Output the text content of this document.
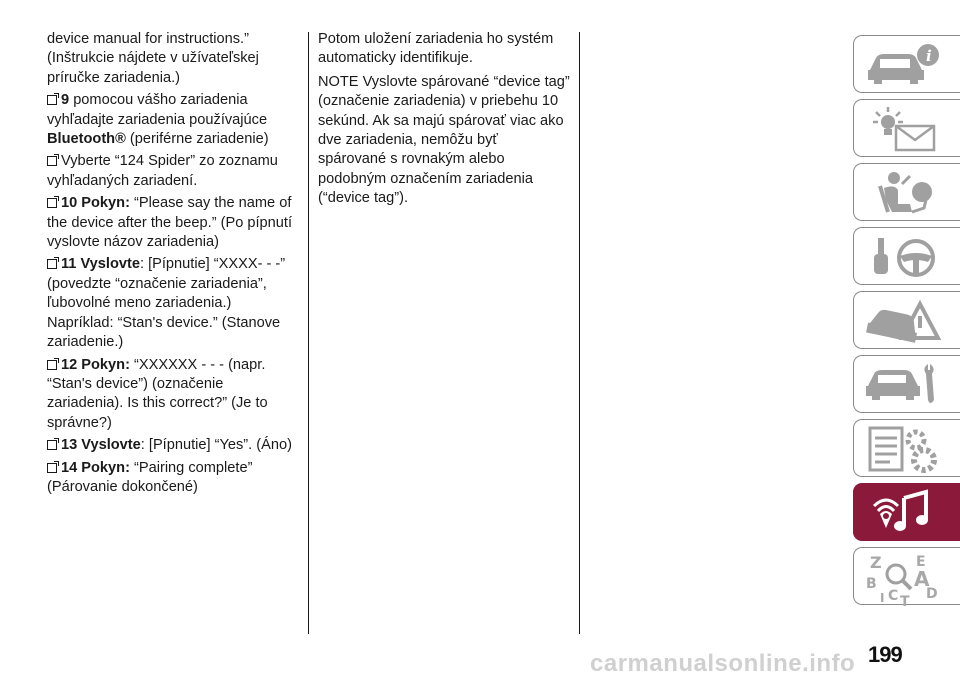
device manual for instructions.” (Inštrukcie nájdete v užívateľskej príručke zariadenia.)

9 pomocou vášho zariadenia vyhľadajte zariadenia používajúce Bluetooth® (periférne zariadenie)
Vyberte “124 Spider” zo zoznamu vyhľadaných zariadení.
10 Pokyn: “Please say the name of the device after the beep.” (Po pípnutí vyslovte názov zariadenia)
11 Vyslovte: [Pípnutie] “XXXX- - -” (povedzte “označenie zariadenia”, ľubovolné meno zariadenia.) Napríklad: “Stan's device.” (Stanove zariadenie.)
12 Pokyn: “XXXXXX - - - (napr. “Stan's device”) (označenie zariadenia). Is this correct?” (Je to správne?)
13 Vyslovte: [Pípnutie] “Yes”. (Áno)
14 Pokyn: “Pairing complete” (Párovanie dokončené)

Potom uložení zariadenia ho systém automaticky identifikuje.

NOTE Vyslovte spárované “device tag” (označenie zariadenia) v priebehu 10 sekúnd. Ak sa majú spárovať viac ako dve zariadenia, nemôžu byť spárované s rovnakým alebo podobným označením zariadenia (“device tag”).

i
Z E
A
B
C D
T
I
carmanualsonline.info 199
